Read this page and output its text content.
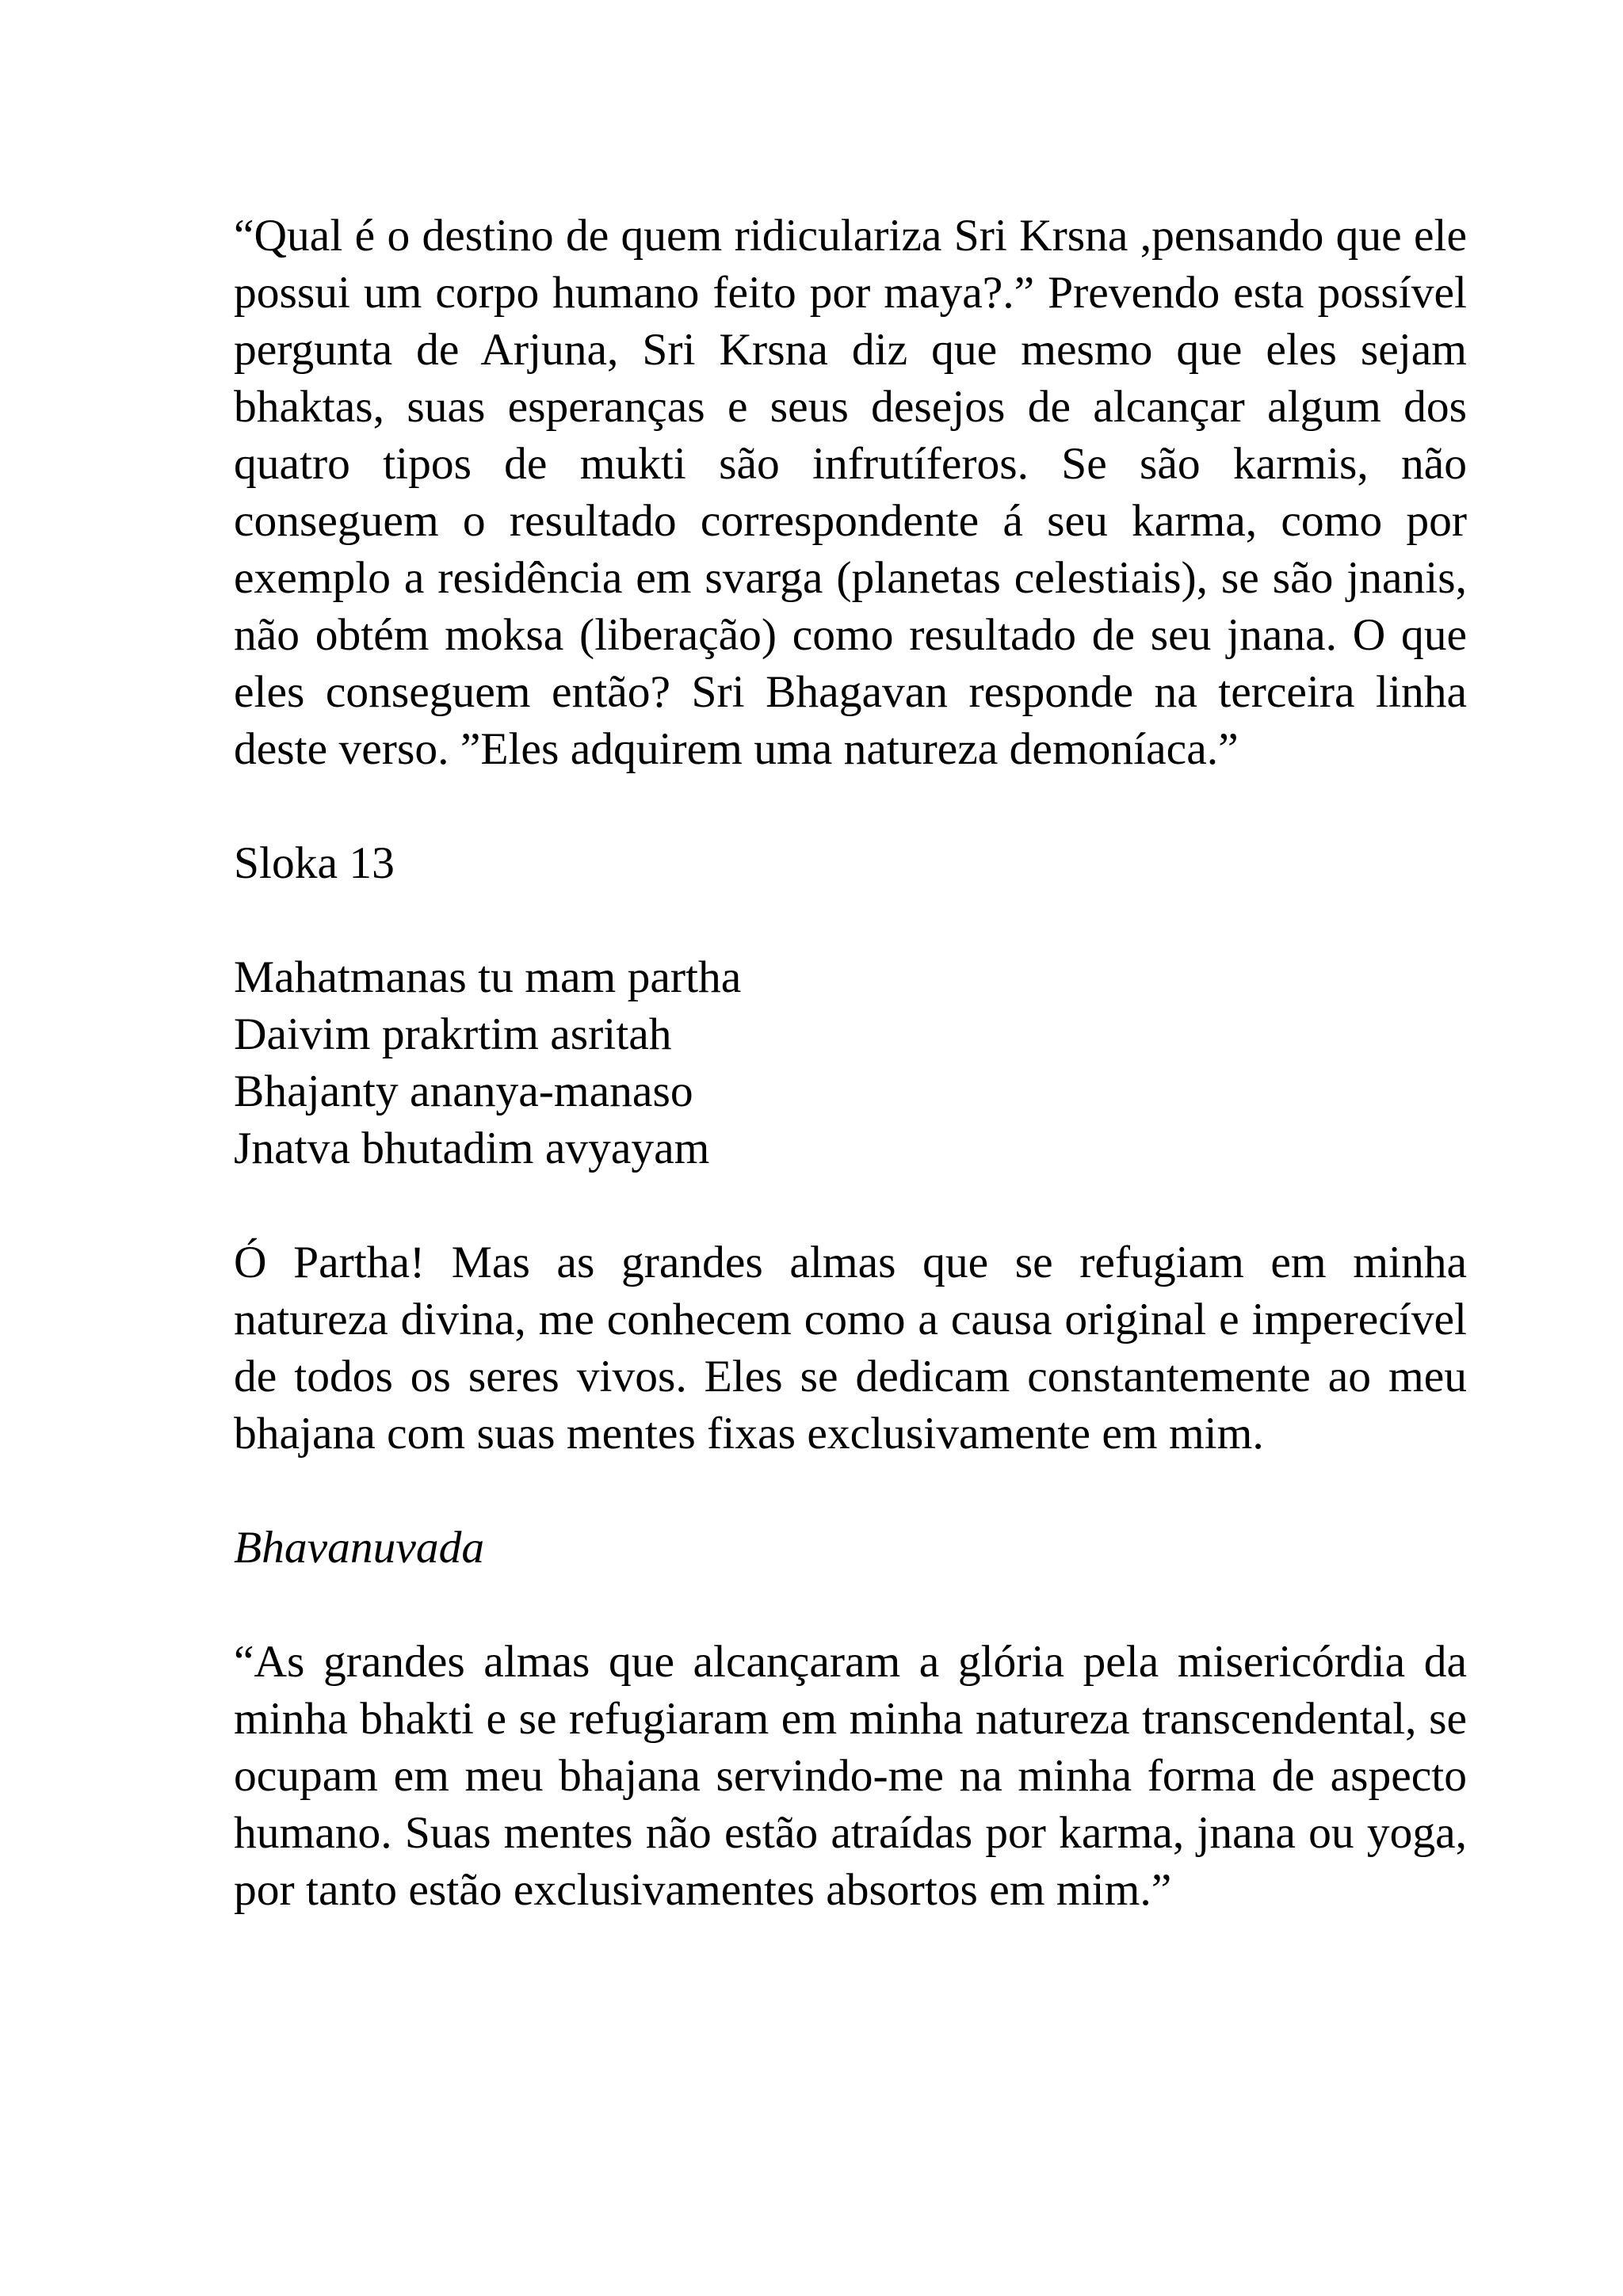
“Qual é o destino de quem ridiculariza Sri Krsna ,pensando que ele possui um corpo humano feito por maya?.” Prevendo esta possível pergunta de Arjuna, Sri Krsna diz que mesmo que eles sejam bhaktas, suas esperanças e seus desejos de alcançar algum dos quatro tipos de mukti são infrutíferos. Se são karmis, não conseguem o resultado correspondente á seu karma, como por exemplo a residência em svarga (planetas celestiais), se são jnanis, não obtém moksa (liberação) como resultado de seu jnana. O que eles conseguem então? Sri Bhagavan responde na terceira linha deste verso. ”Eles adquirem uma natureza demoníaca.”

Sloka 13

Mahatmanas tu mam partha
Daivim prakrtim asritah
Bhajanty ananya-manaso
Jnatva bhutadim avyayam

Ó Partha! Mas as grandes almas que se refugiam em minha natureza divina, me conhecem como a causa original e imperecível de todos os seres vivos. Eles se dedicam constantemente ao meu bhajana com suas mentes fixas exclusivamente em mim.

Bhavanuvada

“As grandes almas que alcançaram a glória pela misericórdia da minha bhakti e se refugiaram em minha natureza transcendental, se ocupam em meu bhajana servindo-me na minha forma de aspecto humano. Suas mentes não estão atraídas por karma, jnana ou yoga, por tanto estão exclusivamentes absortos em mim.”
